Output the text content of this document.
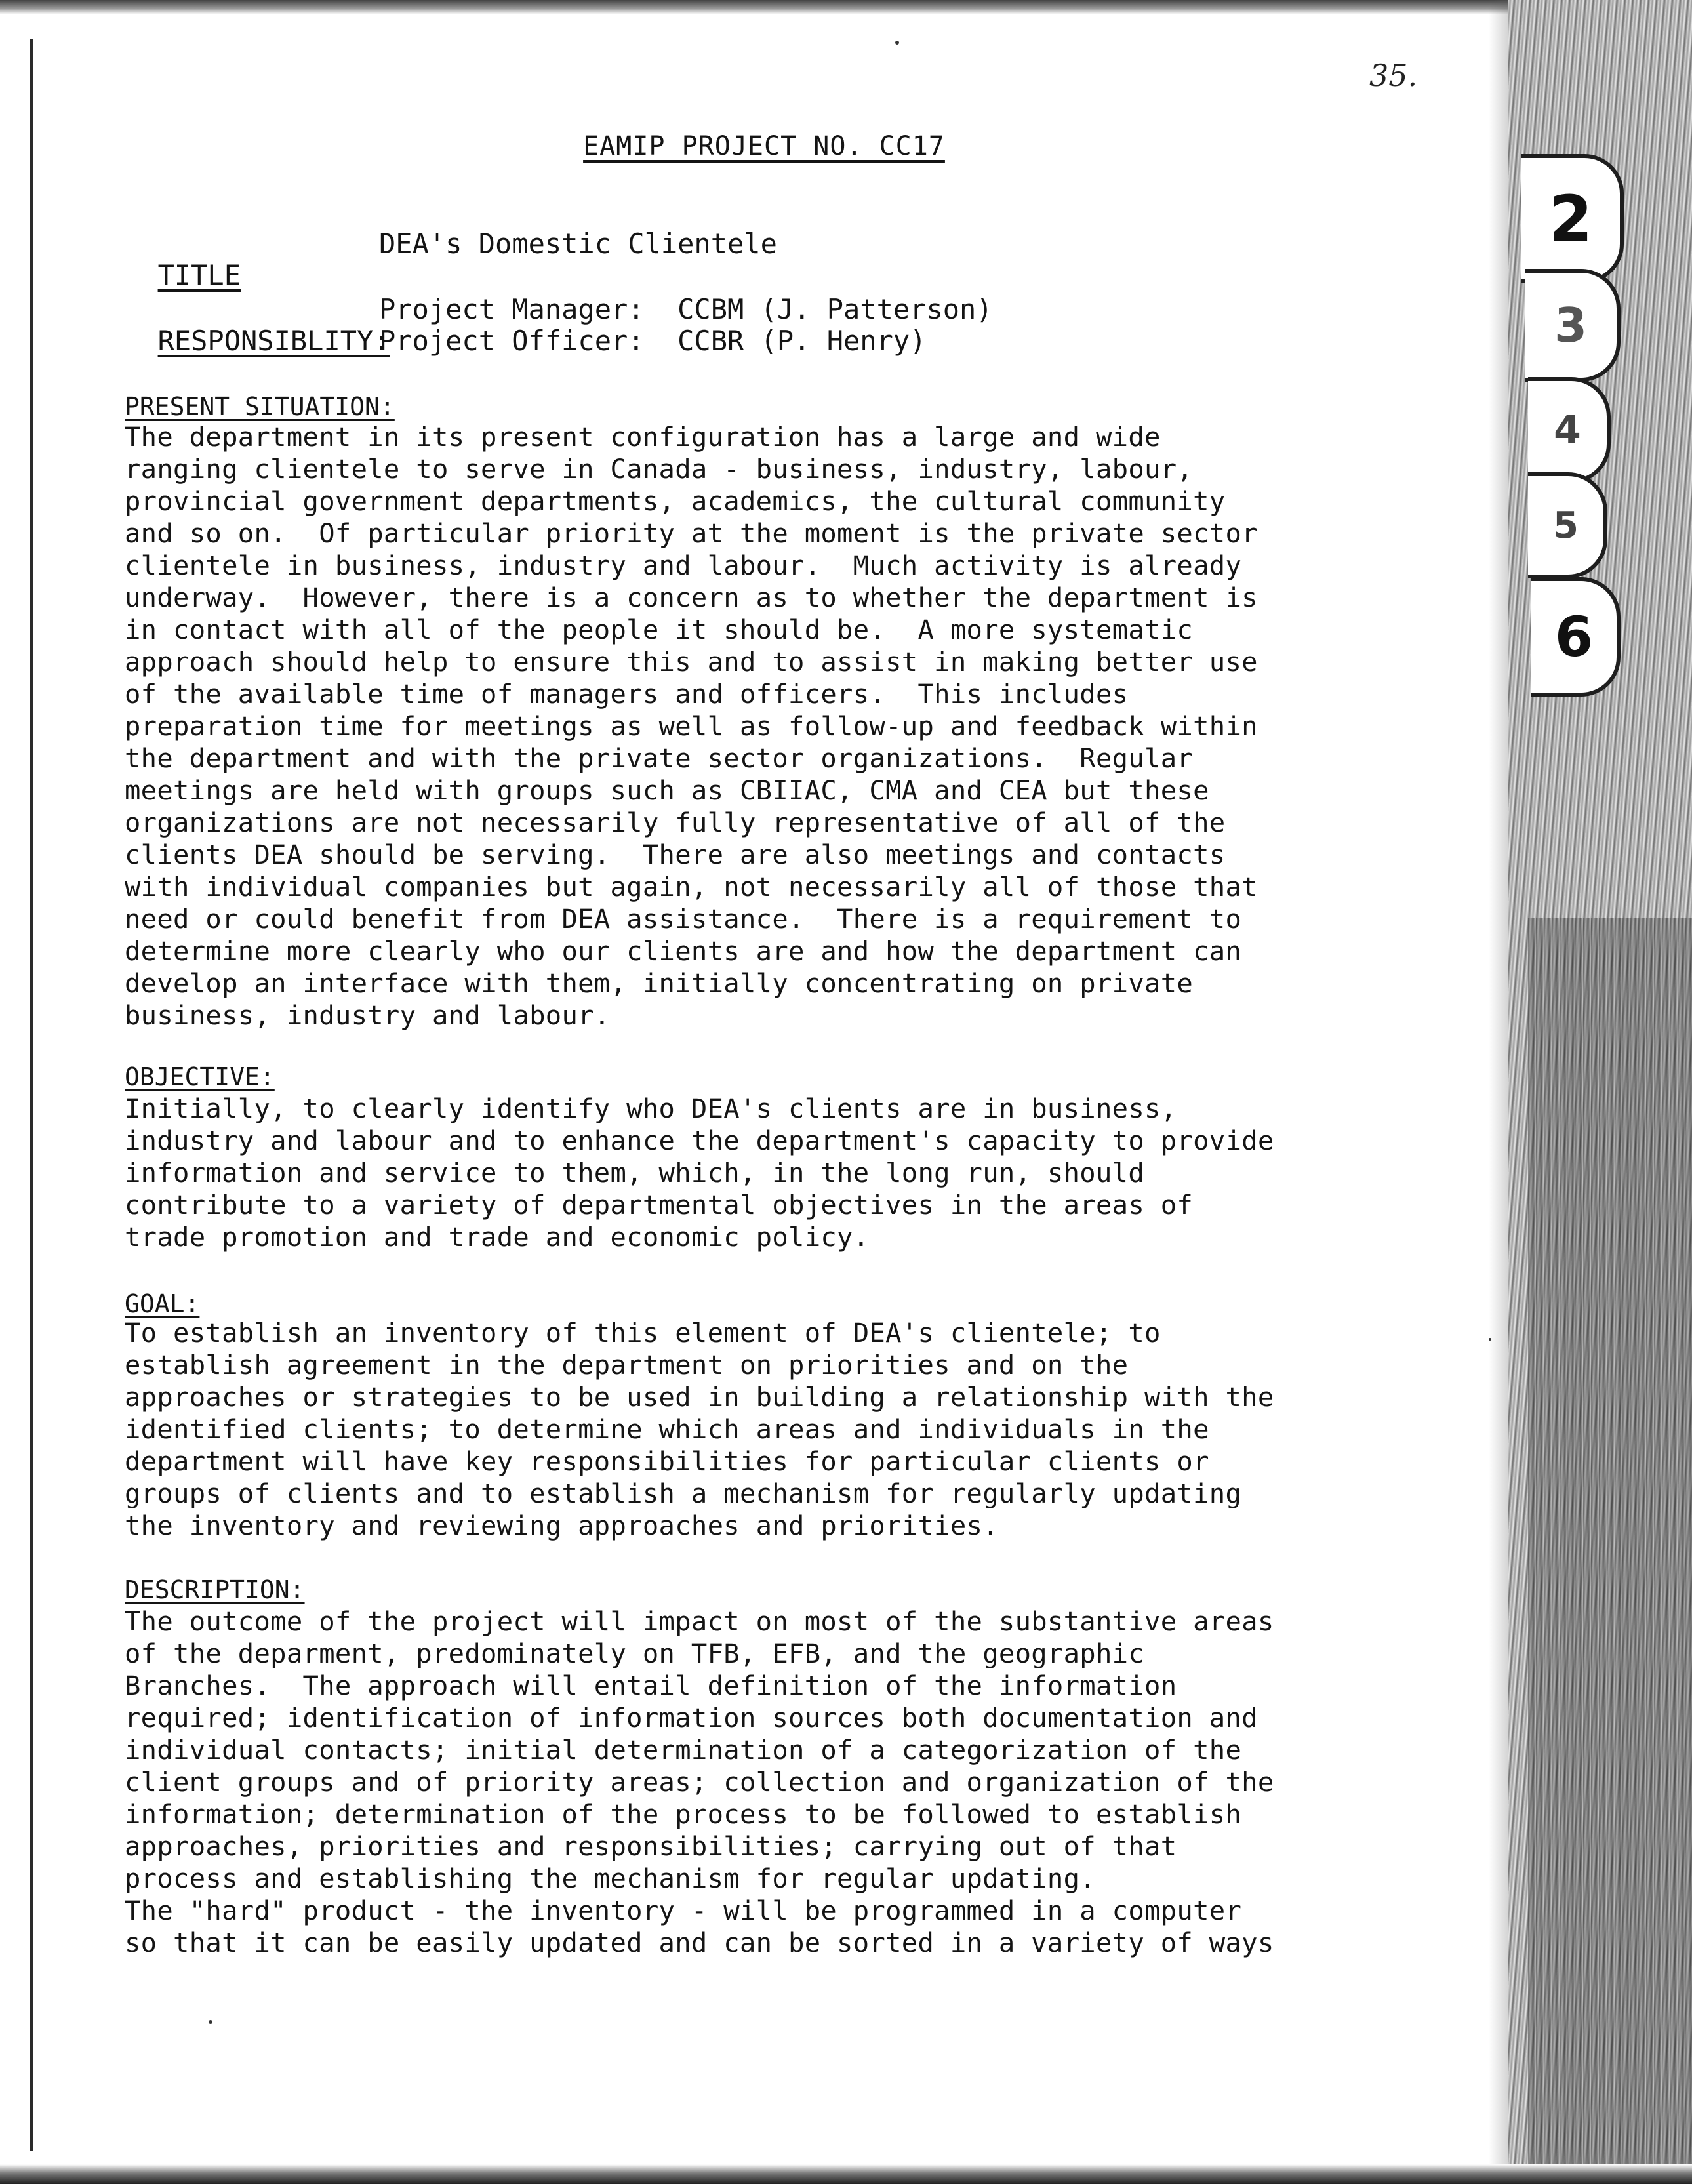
2
3
4
5
6
35.
EAMIP PROJECT NO. CC17

TITLE

DEA's Domestic Clientele

RESPONSIBLITY:

Project Manager:  CCBM (J. Patterson)
Project Officer:  CCBR (P. Henry)
PRESENT SITUATION:
The department in its present configuration has a large and wide
ranging clientele to serve in Canada - business, industry, labour,
provincial government departments, academics, the cultural community
and so on.  Of particular priority at the moment is the private sector
clientele in business, industry and labour.  Much activity is already
underway.  However, there is a concern as to whether the department is
in contact with all of the people it should be.  A more systematic
approach should help to ensure this and to assist in making better use
of the available time of managers and officers.  This includes
preparation time for meetings as well as follow-up and feedback within
the department and with the private sector organizations.  Regular
meetings are held with groups such as CBIIAC, CMA and CEA but these
organizations are not necessarily fully representative of all of the
clients DEA should be serving.  There are also meetings and contacts
with individual companies but again, not necessarily all of those that
need or could benefit from DEA assistance.  There is a requirement to
determine more clearly who our clients are and how the department can
develop an interface with them, initially concentrating on private
business, industry and labour.
OBJECTIVE:
Initially, to clearly identify who DEA's clients are in business,
industry and labour and to enhance the department's capacity to provide
information and service to them, which, in the long run, should
contribute to a variety of departmental objectives in the areas of
trade promotion and trade and economic policy.
GOAL:
To establish an inventory of this element of DEA's clientele; to
establish agreement in the department on priorities and on the
approaches or strategies to be used in building a relationship with the
identified clients; to determine which areas and individuals in the
department will have key responsibilities for particular clients or
groups of clients and to establish a mechanism for regularly updating
the inventory and reviewing approaches and priorities.
DESCRIPTION:
The outcome of the project will impact on most of the substantive areas
of the deparment, predominately on TFB, EFB, and the geographic
Branches.  The approach will entail definition of the information
required; identification of information sources both documentation and
individual contacts; initial determination of a categorization of the
client groups and of priority areas; collection and organization of the
information; determination of the process to be followed to establish
approaches, priorities and responsibilities; carrying out of that
process and establishing the mechanism for regular updating.
The "hard" product - the inventory - will be programmed in a computer
so that it can be easily updated and can be sorted in a variety of ways
